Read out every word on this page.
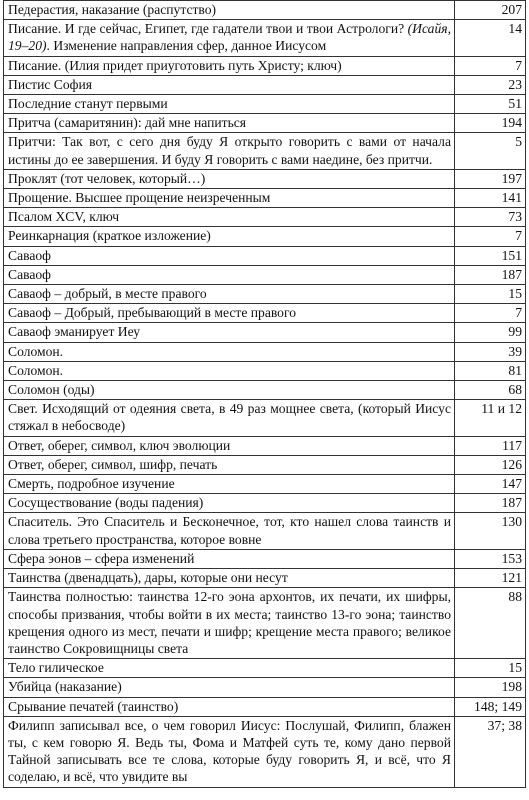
Педерастия, наказание (распутство)	207
Писание. И где сейчас, Египет, где гадатели твои и твои Астрологи? (Исайя, 19–20). Изменение направления сфер, данное Иисусом	14
Писание. (Илия придет приуготовить путь Христу; ключ)	7
Пистис София	23
Последние станут первыми	51
Притча (самаритянин): дай мне напиться	194
Притчи: Так вот, с сего дня буду Я открыто говорить с вами от начала истины до ее завершения. И буду Я говорить с вами наедине, без притчи.	5
Проклят (тот человек, который…)	197
Прощение. Высшее прощение неизреченным	141
Псалом XCV, ключ	73
Реинкарнация (краткое изложение)	7
Саваоф	151
Саваоф	187
Саваоф – добрый, в месте правого	15
Саваоф – Добрый, пребывающий в месте правого	7
Саваоф эманирует Иеу	99
Соломон.	39
Соломон.	81
Соломон (оды)	68
Свет. Исходящий от одеяния света, в 49 раз мощнее света, (который Иисус стяжал в небосводе)	11 и 12
Ответ, оберег, символ, ключ эволюции	117
Ответ, оберег, символ, шифр, печать	126
Смерть, подробное изучение	147
Сосуществование (воды падения)	187
Спаситель. Это Спаситель и Бесконечное, тот, кто нашел слова таинств и слова третьего пространства, которое вовне	130
Сфера эонов – сфера изменений	153
Таинства (двенадцать), дары, которые они несут	121
Таинства полностью: таинства 12-го эона архонтов, их печати, их шифры, способы призвания, чтобы войти в их места; таинство 13-го эона; таинство крещения одного из мест, печати и шифр; крещение места правого; великое таинство Сокровищницы света	88
Тело гилическое	15
Убийца (наказание)	198
Срывание печатей (таинство)	148; 149
Филипп записывал все, о чем говорил Иисус: Послушай, Филипп, блажен ты, с кем говорю Я. Ведь ты, Фома и Матфей суть те, кому дано первой Тайной записывать все те слова, которые буду говорить Я, и всё, что Я соделаю, и всё, что увидите вы	37; 38
